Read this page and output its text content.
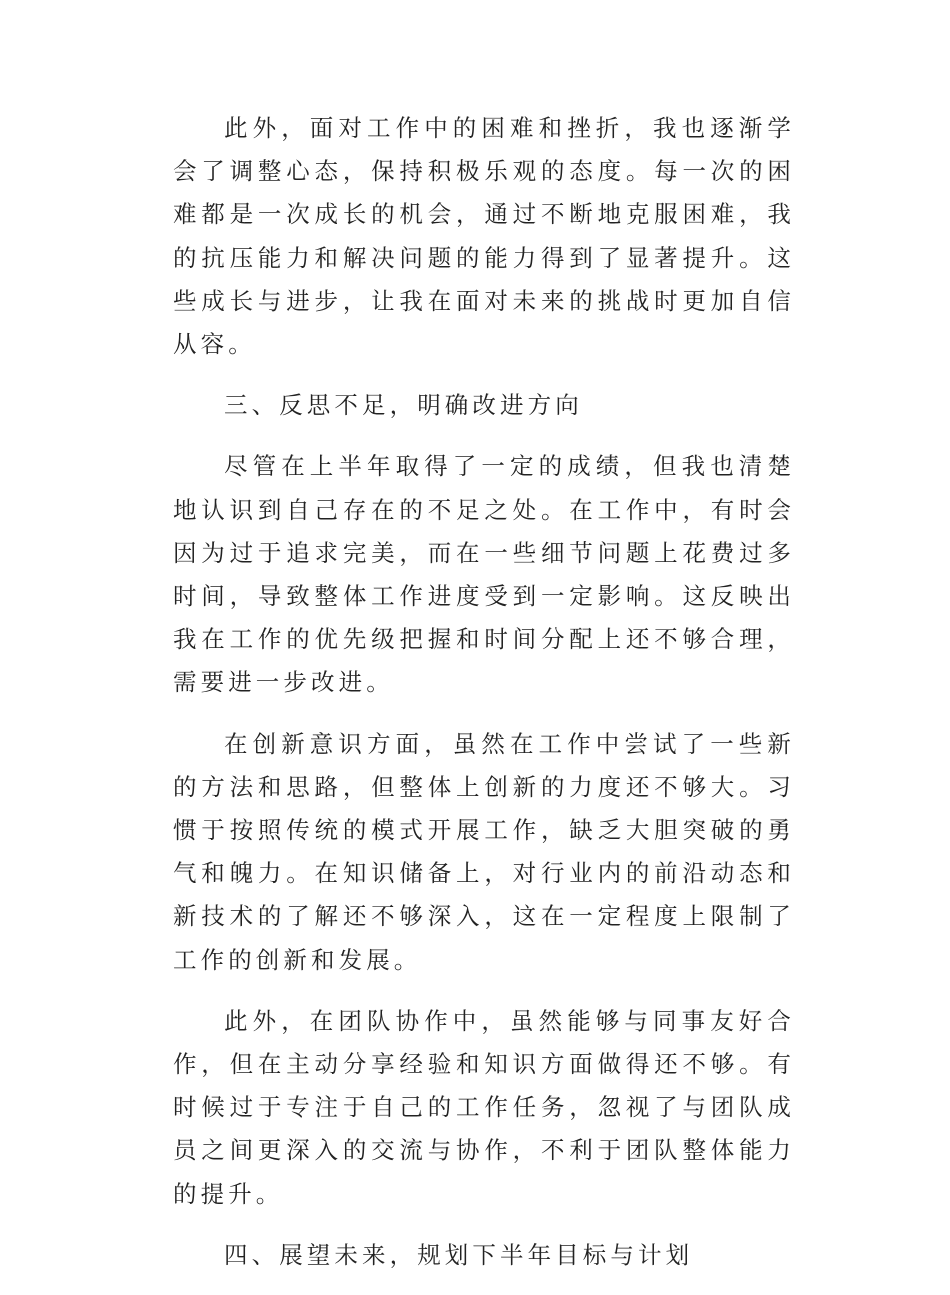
此外，面对工作中的困难和挫折，我也逐渐学会了调整心态，保持积极乐观的态度。每一次的困难都是一次成长的机会，通过不断地克服困难，我的抗压能力和解决问题的能力得到了显著提升。这些成长与进步，让我在面对未来的挑战时更加自信从容。

三、反思不足，明确改进方向

尽管在上半年取得了一定的成绩，但我也清楚地认识到自己存在的不足之处。在工作中，有时会因为过于追求完美，而在一些细节问题上花费过多时间，导致整体工作进度受到一定影响。这反映出我在工作的优先级把握和时间分配上还不够合理，需要进一步改进。

在创新意识方面，虽然在工作中尝试了一些新的方法和思路，但整体上创新的力度还不够大。习惯于按照传统的模式开展工作，缺乏大胆突破的勇气和魄力。在知识储备上，对行业内的前沿动态和新技术的了解还不够深入，这在一定程度上限制了工作的创新和发展。

此外，在团队协作中，虽然能够与同事友好合作，但在主动分享经验和知识方面做得还不够。有时候过于专注于自己的工作任务，忽视了与团队成员之间更深入的交流与协作，不利于团队整体能力的提升。

四、展望未来，规划下半年目标与计划
